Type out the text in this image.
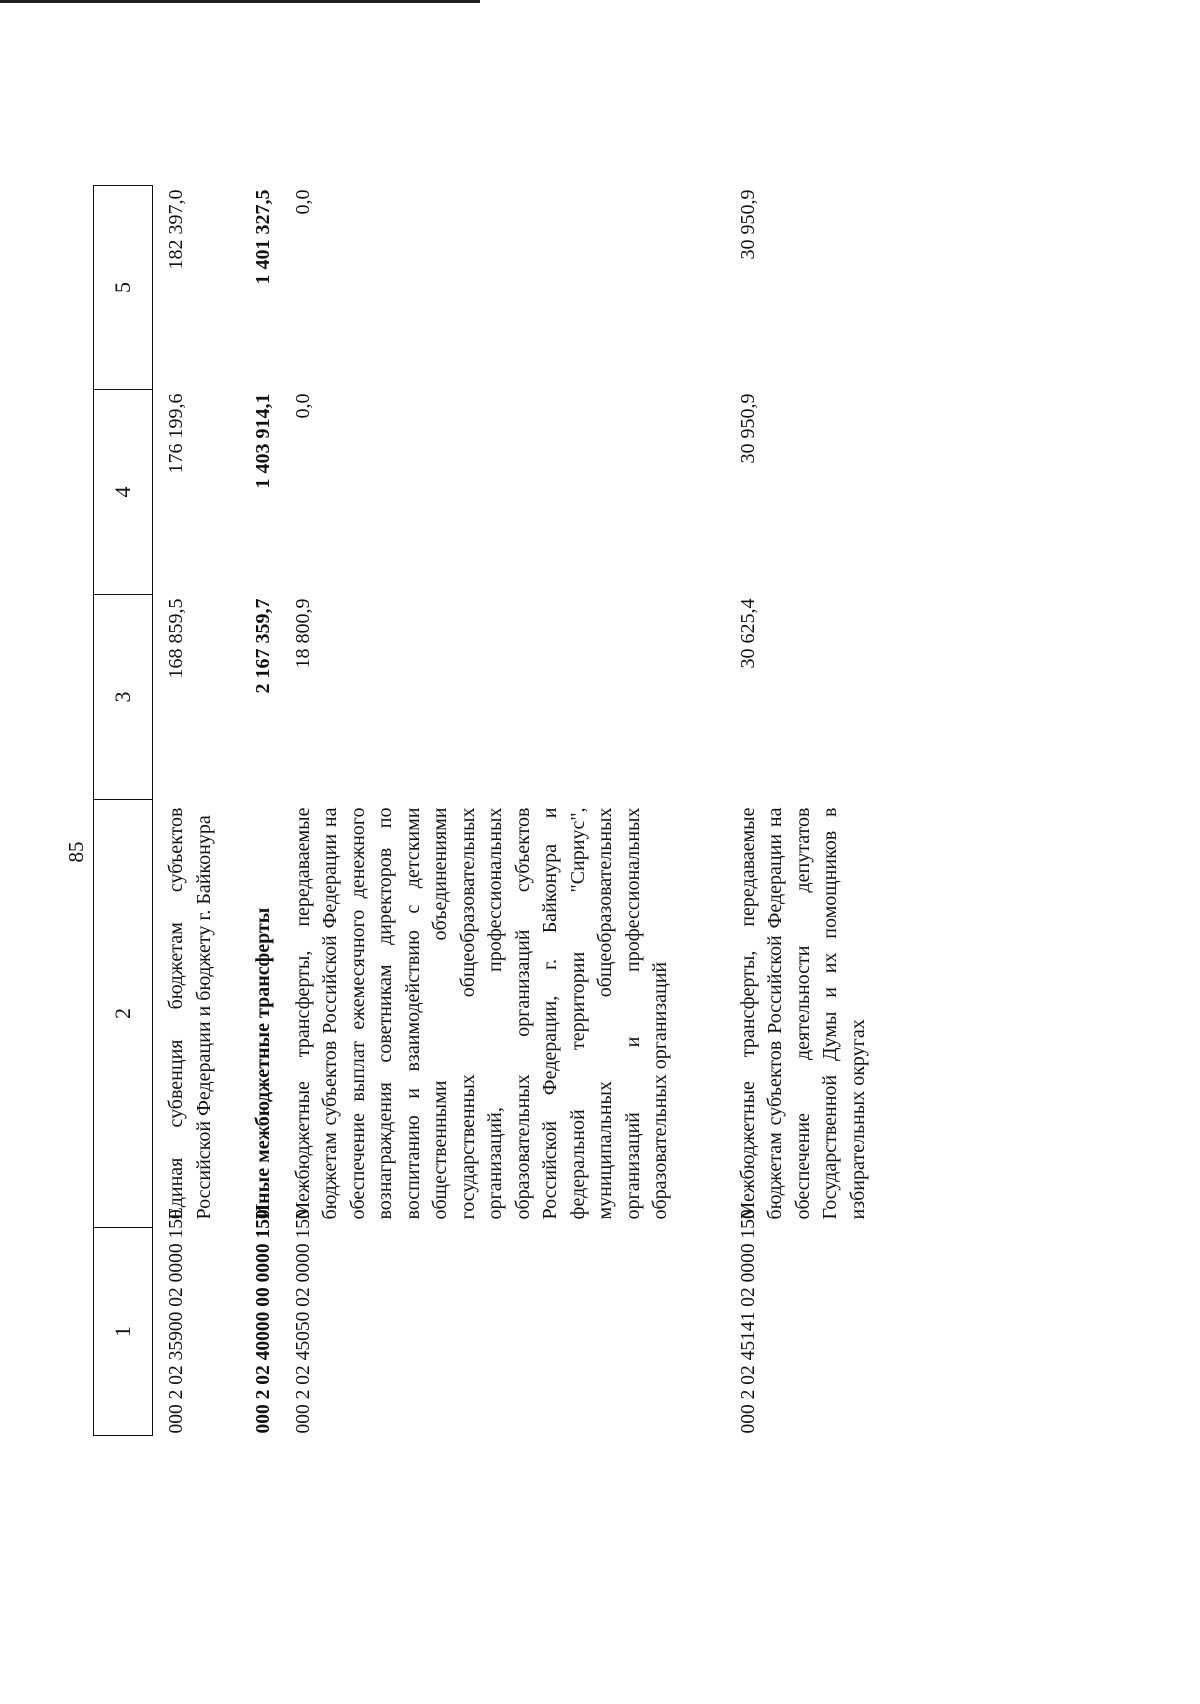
85
1	2	3	4	5
000 2 02 35900 02 0000 150	Единая субвенция бюджетам субъектов Российской Федерации и бюджету г. Байконура	168 859,5	176 199,6	182 397,0
000 2 02 40000 00 0000 150	Иные межбюджетные трансферты	2 167 359,7	1 403 914,1	1 401 327,5
000 2 02 45050 02 0000 150	Межбюджетные трансферты, передаваемые бюджетам субъектов Российской Федерации на обеспечение выплат ежемесячного денежного вознаграждения советникам директоров по воспитанию и взаимодействию с детскими общественными объединениями государственных общеобразовательных организаций, профессиональных образовательных организаций субъектов Российской Федерации, г. Байконура и федеральной территории "Сириус", муниципальных общеобразовательных организаций и профессиональных образовательных организаций	18 800,9	0,0	0,0
000 2 02 45141 02 0000 150	Межбюджетные трансферты, передаваемые бюджетам субъектов Российской Федерации на обеспечение деятельности депутатов Государственной Думы и их помощников в избирательных округах	30 625,4	30 950,9	30 950,9
